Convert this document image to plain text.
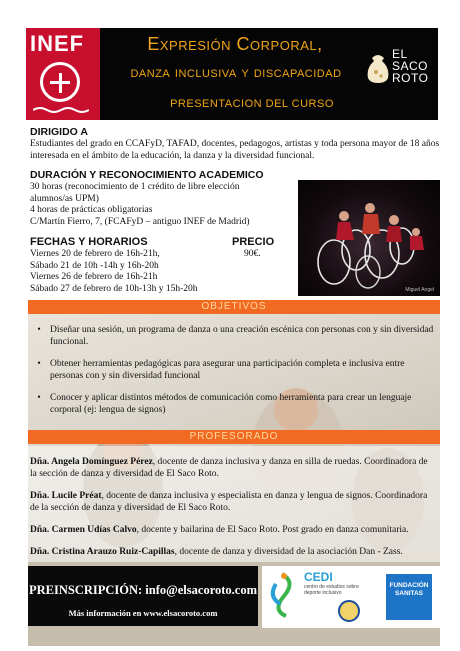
INEF	Expresión Corporal,
danza inclusiva y discapacidad
PRESENTACION DEL CURSO
EL
SACO
ROTO
DIRIGIDO A
Estudiantes del grado en CCAFyD, TAFAD, docentes, pedagogos, artistas y toda persona mayor de 18 años interesada en el ámbito de la educación, la danza y la diversidad funcional.
DURACIÓN Y RECONOCIMIENTO ACADEMICO
30 horas (reconocimiento de 1 crédito de libre elección
alumnos/as UPM)
4 horas de prácticas obligatorias
C/Martín Fierro, 7, (FCAFyD – antiguo INEF de Madrid)
FECHAS Y HORARIOS	PRECIO
90€.
Viernes 20 de febrero de 16h-21h,
Sábado 21 de 10h -14h y 16h-20h
Viernes 26 de febrero de 16h-21h
Sábado 27 de febrero de 10h-13h y 15h-20h	Miguel Angel
OBJETIVOS
• Diseñar una sesión, un programa de danza o una creación escénica con personas con y sin diversidad funcional.
• Obtener herramientas pedagógicas para asegurar una participación completa e inclusiva entre personas con y sin diversidad funcional
• Conocer y aplicar distintos métodos de comunicación como herramienta para crear un lenguaje corporal (ej: lengua de signos)
PROFESORADO
Dña. Angela Domínguez Pérez, docente de danza inclusiva y danza en silla de ruedas. Coordinadora de la sección de danza y diversidad de El Saco Roto.
Dña. Lucile Préat, docente de danza inclusiva y especialista en danza y lengua de signos. Coordinadora de la sección de danza y diversidad de El Saco Roto.
Dña. Carmen Udías Calvo, docente y bailarina de El Saco Roto. Post grado en danza comunitaria.
Dña. Cristina Arauzo Ruiz-Capillas, docente de danza y diversidad de la asociación Dan - Zass.
PREINSCRIPCIÓN: info@elsacoroto.com
Más información en www.elsacoroto.com
CEDI
centro de estudios sobre deporte inclusivo
FUNDACIÓN SANITAS
